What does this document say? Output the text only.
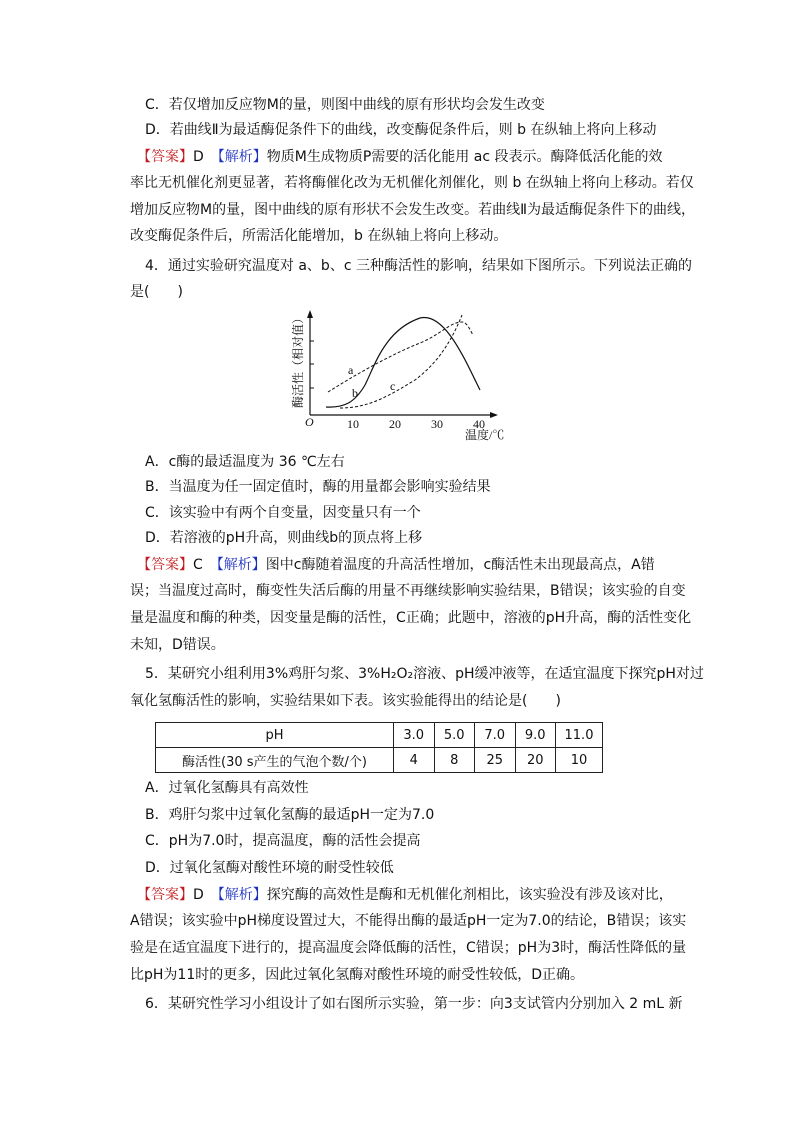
C．若仅增加反应物M的量，则图中曲线的原有形状均会发生改变
D．若曲线Ⅱ为最适酶促条件下的曲线，改变酶促条件后，则 b 在纵轴上将向上移动
【答案】D　 【解析】物质M生成物质P需要的活化能用 ac 段表示。酶降低活化能的效
率比无机催化剂更显著，若将酶催化改为无机催化剂催化，则 b 在纵轴上将向上移动。若仅
增加反应物M的量，图中曲线的原有形状不会发生改变。若曲线Ⅱ为最适酶促条件下的曲线，
改变酶促条件后，所需活化能增加，b 在纵轴上将向上移动。
4．通过实验研究温度对 a、b、c 三种酶活性的影响，结果如下图所示。下列说法正确的
是(　　)
a
b	c
O	10	20	30	40
温度/℃
酶活性（相对值）
A．c酶的最适温度为 36 ℃左右
B．当温度为任一固定值时，酶的用量都会影响实验结果
C．该实验中有两个自变量，因变量只有一个
D．若溶液的pH升高，则曲线b的顶点将上移
【答案】C　 【解析】图中c酶随着温度的升高活性增加，c酶活性未出现最高点，A错
误；当温度过高时，酶变性失活后酶的用量不再继续影响实验结果，B错误；该实验的自变
量是温度和酶的种类，因变量是酶的活性，C正确；此题中，溶液的pH升高，酶的活性变化
未知，D错误。
5．某研究小组利用3%鸡肝匀浆、3%H₂O₂溶液、pH缓冲液等，在适宜温度下探究pH对过
氧化氢酶活性的影响，实验结果如下表。该实验能得出的结论是(　　)
pH	3.0	5.0	7.0	9.0	11.0
酶活性(30 s产生的气泡个数/个)	4	8	25	20	10
A．过氧化氢酶具有高效性
B．鸡肝匀浆中过氧化氢酶的最适pH一定为7.0
C．pH为7.0时，提高温度，酶的活性会提高
D．过氧化氢酶对酸性环境的耐受性较低
【答案】D　 【解析】探究酶的高效性是酶和无机催化剂相比，该实验没有涉及该对比，
A错误；该实验中pH梯度设置过大，不能得出酶的最适pH一定为7.0的结论，B错误；该实
验是在适宜温度下进行的，提高温度会降低酶的活性，C错误；pH为3时，酶活性降低的量
比pH为11时的更多，因此过氧化氢酶对酸性环境的耐受性较低，D正确。
6．某研究性学习小组设计了如右图所示实验，第一步：向3支试管内分别加入 2 mL 新
